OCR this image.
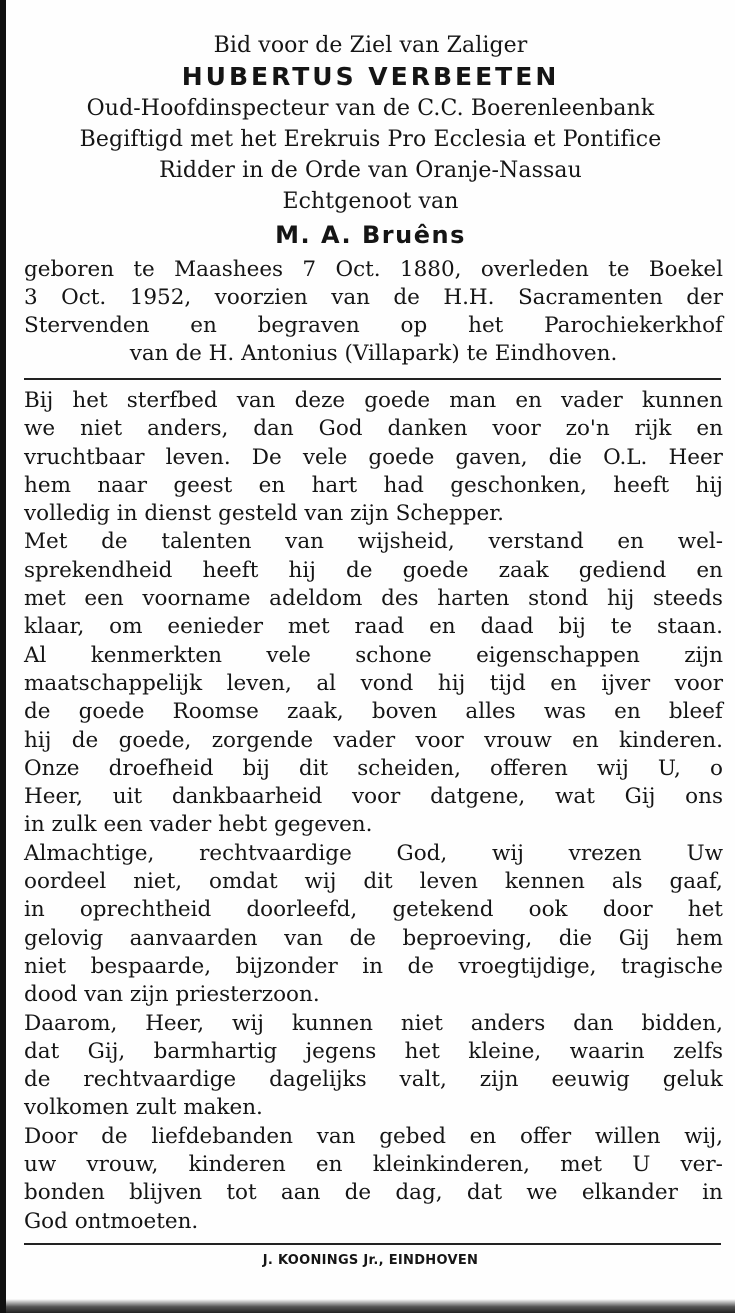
Bid voor de Ziel van Zaliger
HUBERTUS VERBEETEN
Oud-Hoofdinspecteur van de C.C. Boerenleenbank
Begiftigd met het Erekruis Pro Ecclesia et Pontifice
Ridder in de Orde van Oranje-Nassau
Echtgenoot van
M. A. Bruêns
geboren te Maashees 7 Oct. 1880, overleden te Boekel
3 Oct. 1952, voorzien van de H.H. Sacramenten der
Stervenden en begraven op het Parochiekerkhof
van de H. Antonius (Villapark) te Eindhoven.
Bij het sterfbed van deze goede man en vader kunnen
we niet anders, dan God danken voor zo'n rijk en
vruchtbaar leven. De vele goede gaven, die O.L. Heer
hem naar geest en hart had geschonken, heeft hij
volledig in dienst gesteld van zijn Schepper.
Met de talenten van wijsheid, verstand en wel-
sprekendheid heeft hij de goede zaak gediend en
met een voorname adeldom des harten stond hij steeds
klaar, om eenieder met raad en daad bij te staan.
Al kenmerkten vele schone eigenschappen zijn
maatschappelijk leven, al vond hij tijd en ijver voor
de goede Roomse zaak, boven alles was en bleef
hij de goede, zorgende vader voor vrouw en kinderen.
Onze droefheid bij dit scheiden, offeren wij U, o
Heer, uit dankbaarheid voor datgene, wat Gij ons
in zulk een vader hebt gegeven.
Almachtige, rechtvaardige God, wij vrezen Uw
oordeel niet, omdat wij dit leven kennen als gaaf,
in oprechtheid doorleefd, getekend ook door het
gelovig aanvaarden van de beproeving, die Gij hem
niet bespaarde, bijzonder in de vroegtijdige, tragische
dood van zijn priesterzoon.
Daarom, Heer, wij kunnen niet anders dan bidden,
dat Gij, barmhartig jegens het kleine, waarin zelfs
de rechtvaardige dagelijks valt, zijn eeuwig geluk
volkomen zult maken.
Door de liefdebanden van gebed en offer willen wij,
uw vrouw, kinderen en kleinkinderen, met U ver-
bonden blijven tot aan de dag, dat we elkander in
God ontmoeten.
J. KOONINGS Jr., EINDHOVEN
